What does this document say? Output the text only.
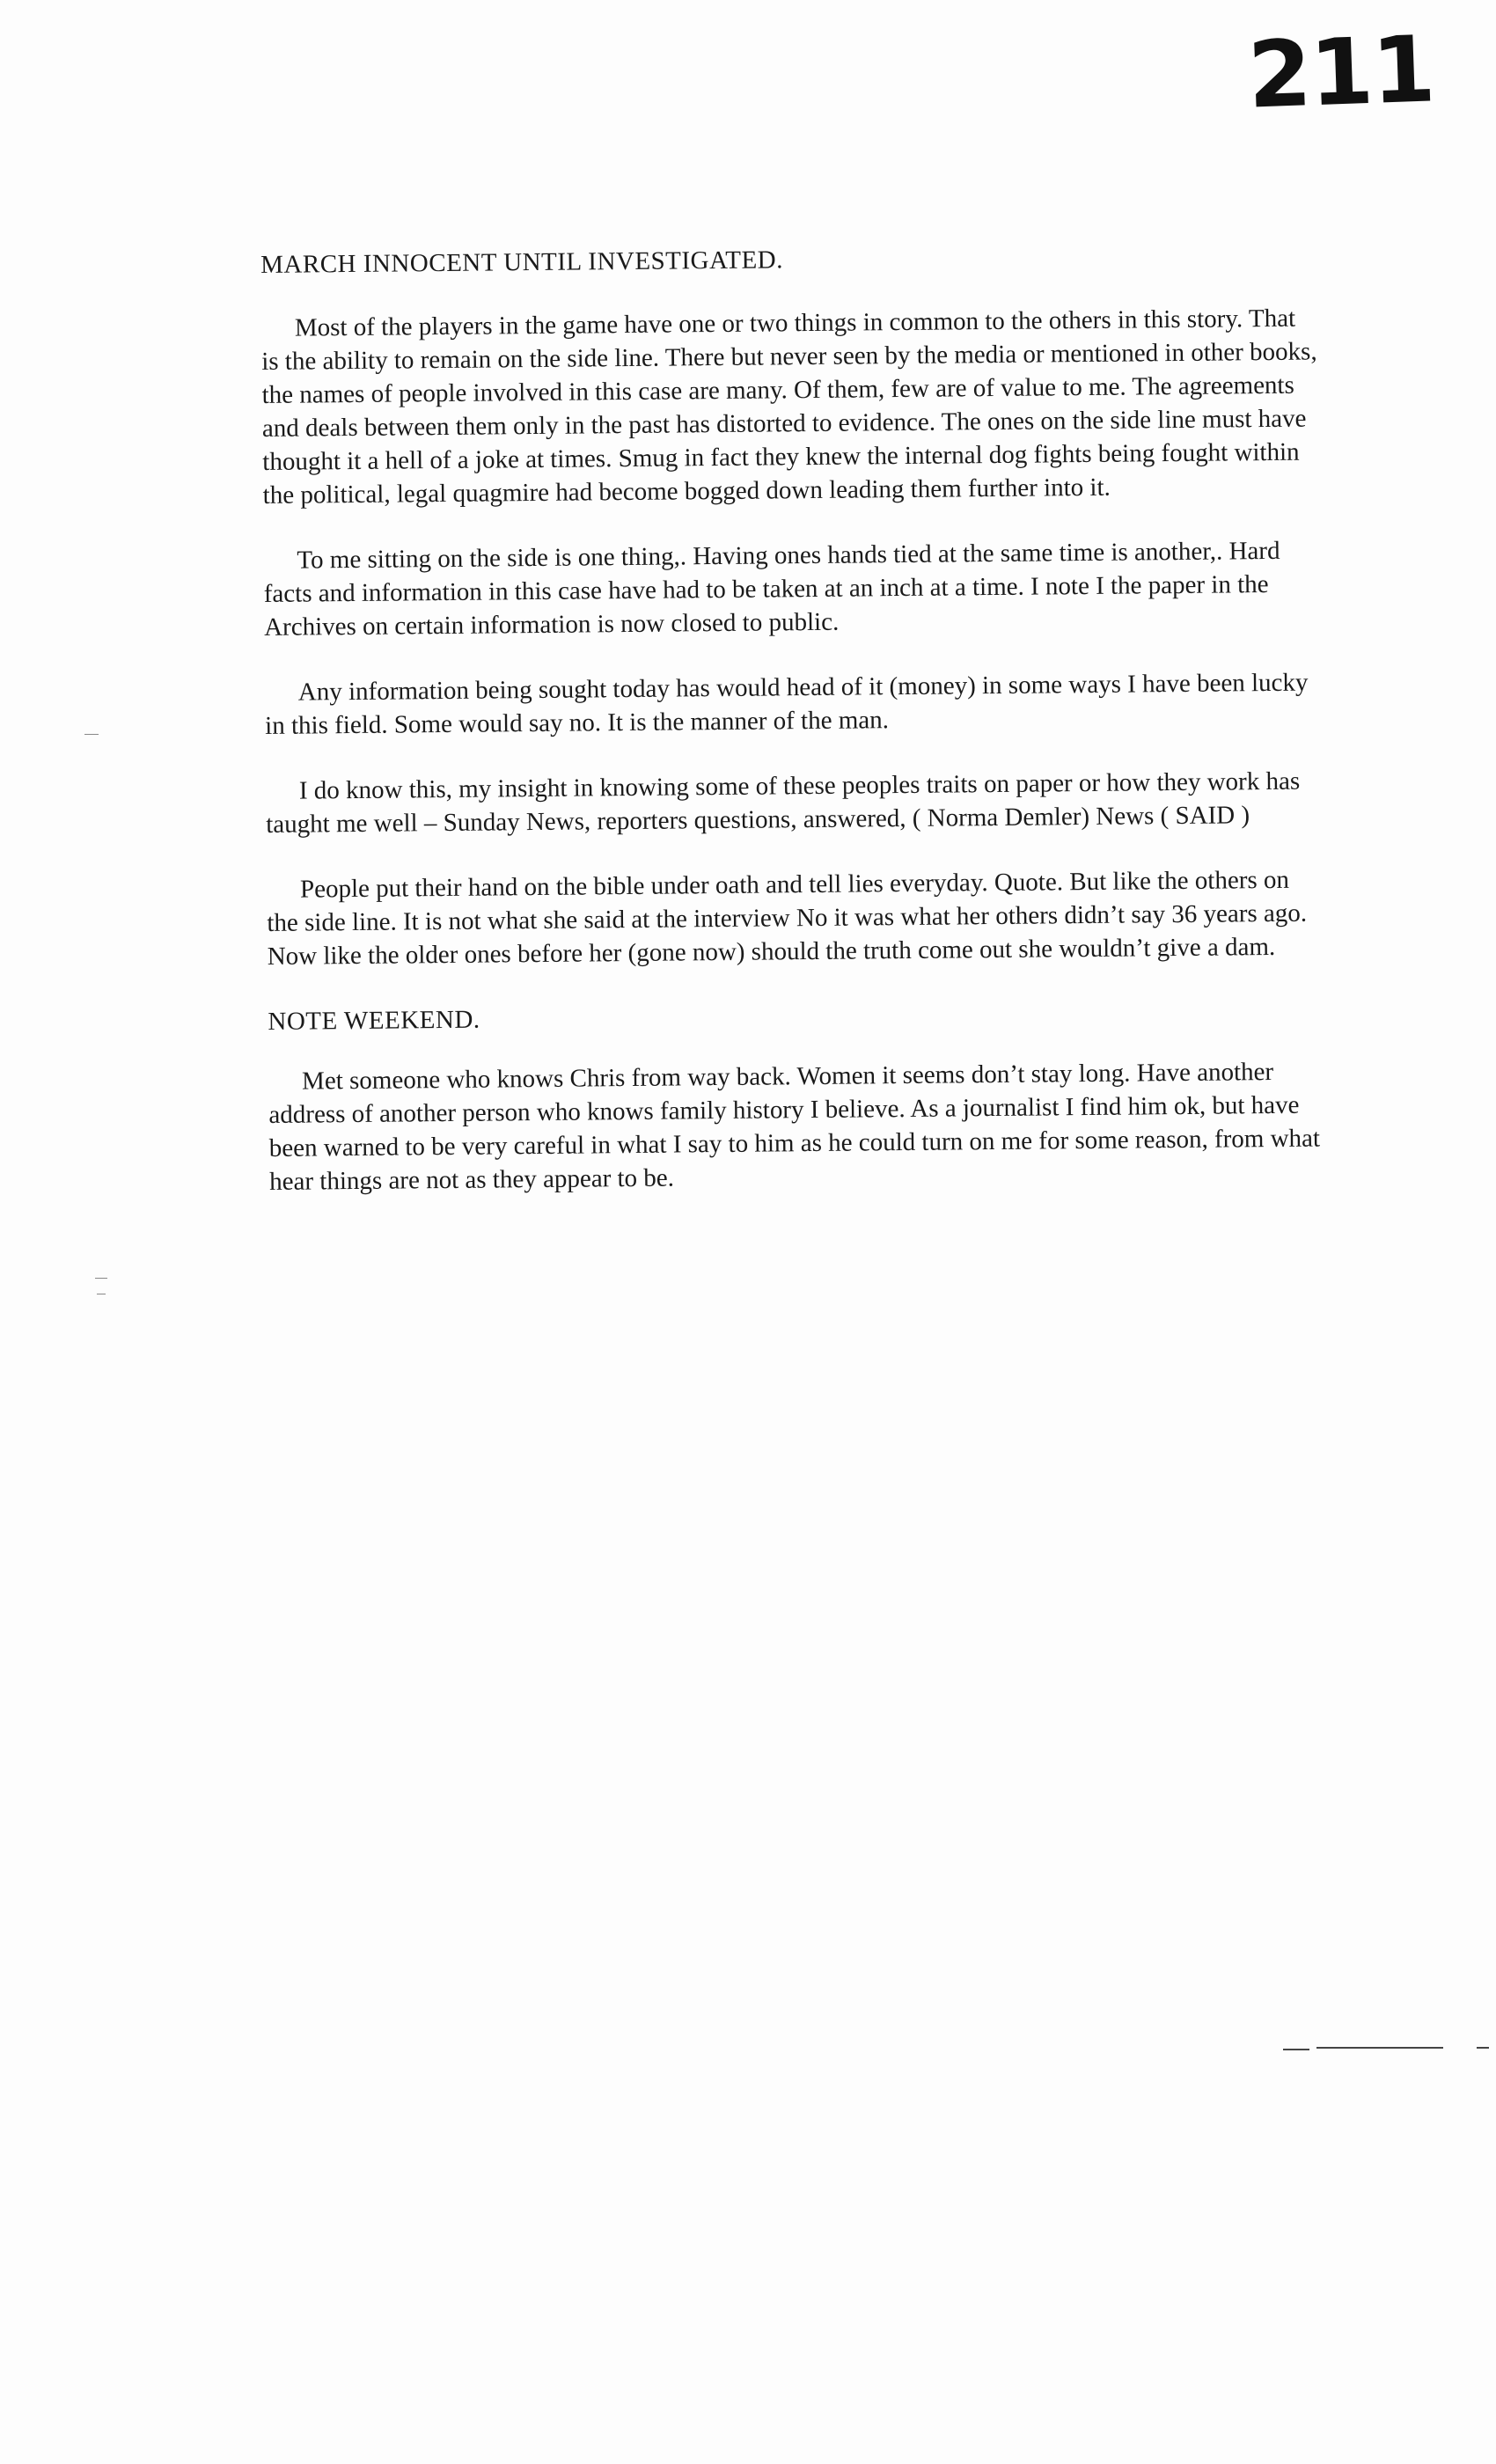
211
MARCH INNOCENT UNTIL INVESTIGATED.

Most of the players in the game have one or two things in common to the others in this story. That is the ability to remain on the side line. There but never seen by the media or mentioned in other books, the names of people involved in this case are many. Of them, few are of value to me. The agreements and deals between them only in the past has distorted to evidence. The ones on the side line must have thought it a hell of a joke at times. Smug in fact they knew the internal dog fights being fought within the political, legal quagmire had become bogged down leading them further into it.

To me sitting on the side is one thing,. Having ones hands tied at the same time is another,. Hard facts and information in this case have had to be taken at an inch at a time. I note I the paper in the Archives on certain information is now closed to public.

Any information being sought today has would head of it (money) in some ways I have been lucky in this field. Some would say no. It is the manner of the man.

I do know this, my insight in knowing some of these peoples traits on paper or how they work has taught me well – Sunday News, reporters questions, answered, ( Norma Demler) News ( SAID )

People put their hand on the bible under oath and tell lies everyday. Quote. But like the others on the side line. It is not what she said at the interview No it was what her others didn’t say 36 years ago. Now like the older ones before her (gone now) should the truth come out she wouldn’t give a dam.

NOTE WEEKEND.

Met someone who knows Chris from way back. Women it seems don’t stay long. Have another address of another person who knows family history I believe. As a journalist I find him ok, but have been warned to be very careful in what I say to him as he could turn on me for some reason, from what hear things are not as they appear to be.
